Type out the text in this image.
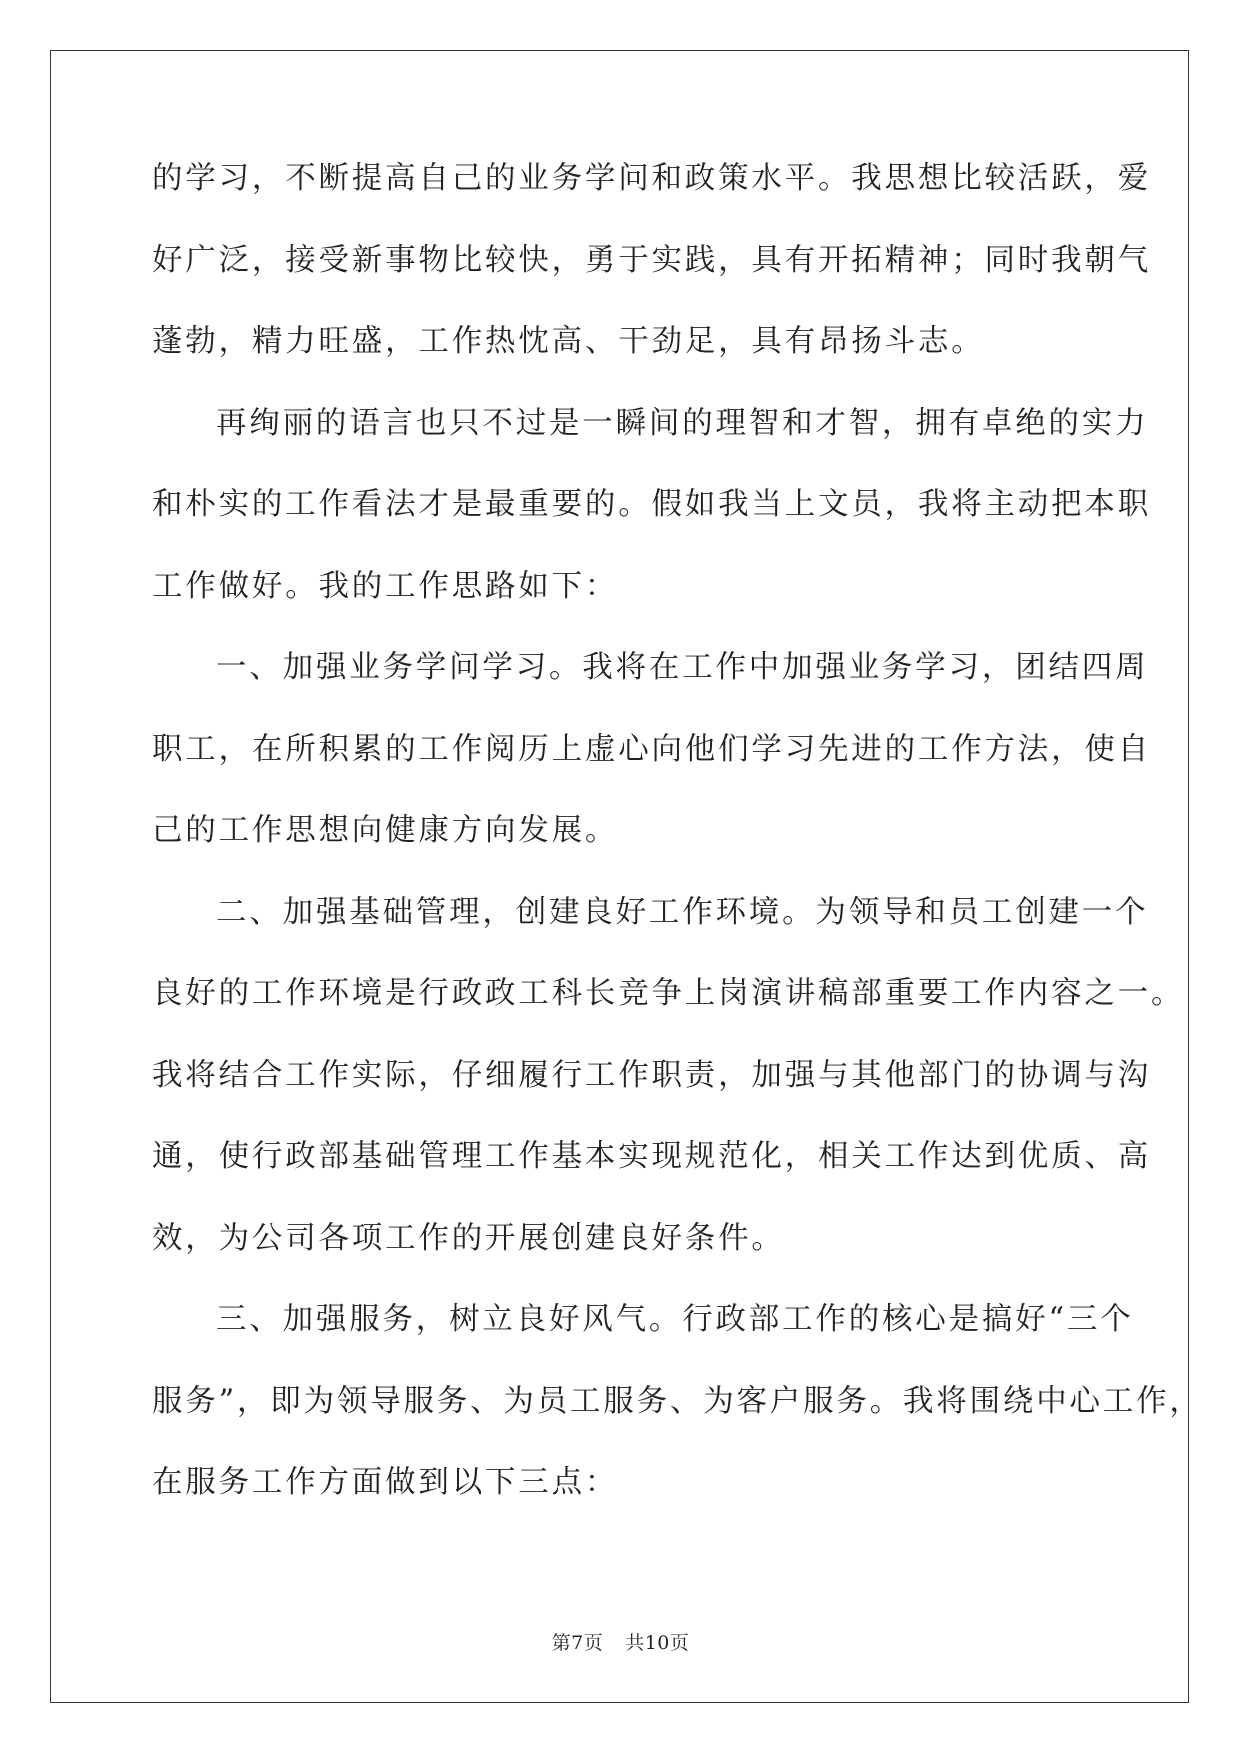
的学习，不断提高自己的业务学问和政策水平。我思想比较活跃，爱
好广泛，接受新事物比较快，勇于实践，具有开拓精神；同时我朝气
蓬勃，精力旺盛，工作热忱高、干劲足，具有昂扬斗志。
再绚丽的语言也只不过是一瞬间的理智和才智，拥有卓绝的实力
和朴实的工作看法才是最重要的。假如我当上文员，我将主动把本职
工作做好。我的工作思路如下：
一、加强业务学问学习。我将在工作中加强业务学习，团结四周
职工，在所积累的工作阅历上虚心向他们学习先进的工作方法，使自
己的工作思想向健康方向发展。
二、加强基础管理，创建良好工作环境。为领导和员工创建一个
良好的工作环境是行政政工科长竞争上岗演讲稿部重要工作内容之一。
我将结合工作实际，仔细履行工作职责，加强与其他部门的协调与沟
通，使行政部基础管理工作基本实现规范化，相关工作达到优质、高
效，为公司各项工作的开展创建良好条件。
三、加强服务，树立良好风气。行政部工作的核心是搞好“三个
服务”，即为领导服务、为员工服务、为客户服务。我将围绕中心工作，
在服务工作方面做到以下三点：
第7页 共10页
